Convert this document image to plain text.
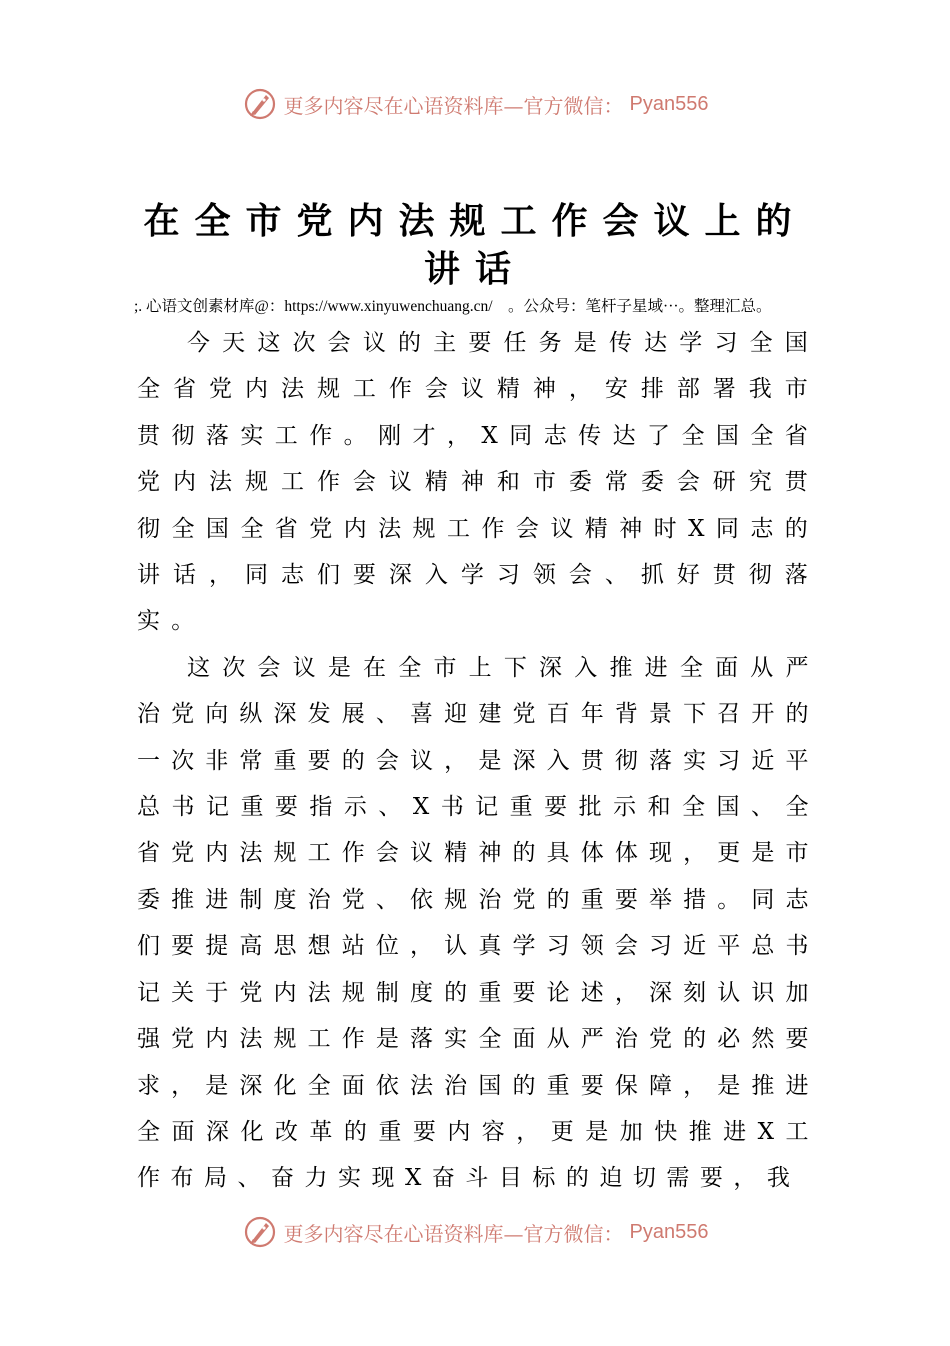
更多内容尽在心语资料库—官方微信： Pyan556
在全市党内法规工作会议上的讲话
;. 心语文创素材库@：https://www.xinyuwenchuang.cn/　。公众号：笔杆子星域···。整理汇总。

今天这次会议的主要任务是传达学习全国全省党内法规工作会议精神，安排部署我市贯彻落实工作。刚才，X同志传达了全国全省党内法规工作会议精神和市委常委会研究贯彻全国全省党内法规工作会议精神时X同志的讲话，同志们要深入学习领会、抓好贯彻落实。

这次会议是在全市上下深入推进全面从严治党向纵深发展、喜迎建党百年背景下召开的一次非常重要的会议，是深入贯彻落实习近平总书记重要指示、X书记重要批示和全国、全省党内法规工作会议精神的具体体现，更是市委推进制度治党、依规治党的重要举措。同志们要提高思想站位，认真学习领会习近平总书记关于党内法规制度的重要论述，深刻认识加强党内法规工作是落实全面从严治党的必然要求，是深化全面依法治国的重要保障，是推进全面深化改革的重要内容，更是加快推进X工作布局、奋力实现X奋斗目标的迫切需要，我

更多内容尽在心语资料库—官方微信： Pyan556
